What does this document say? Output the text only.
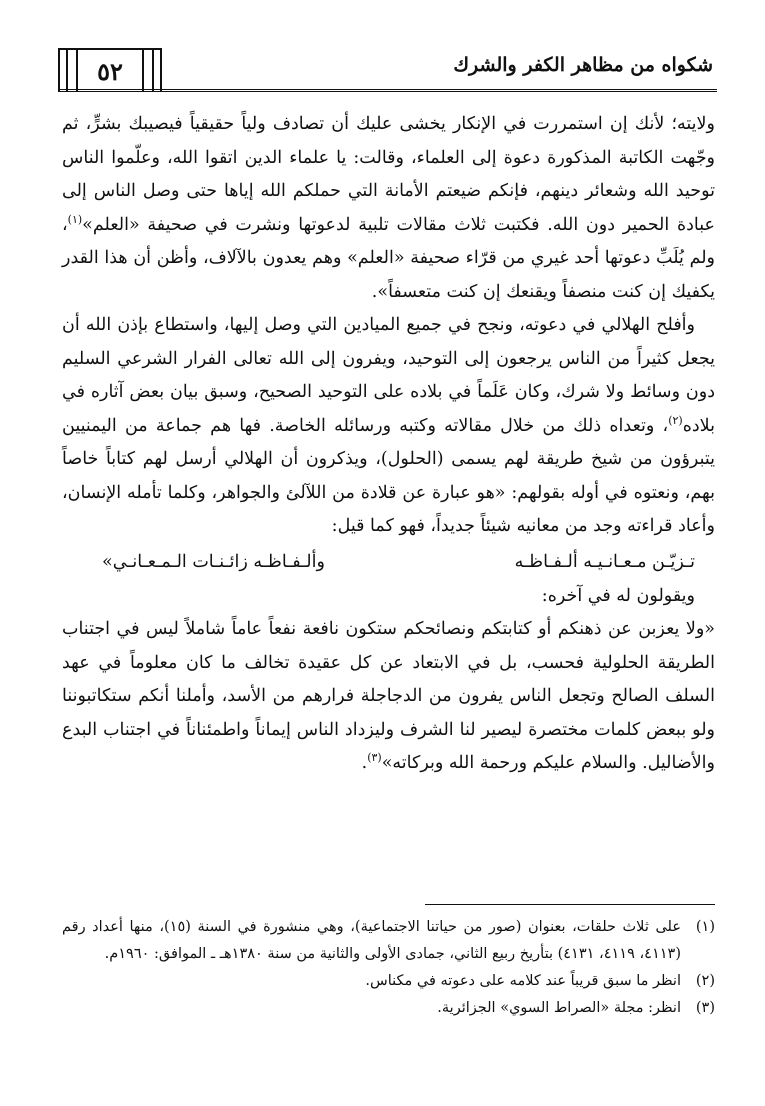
٥٢	شكواه من مظاهر الكفر والشرك

ولايته؛ لأنك إن استمررت في الإنكار يخشى عليك أن تصادف ولياً حقيقياً فيصيبك بشرٍّ، ثم وجّهت الكاتبة المذكورة دعوة إلى العلماء، وقالت: يا علماء الدين اتقوا الله، وعلّموا الناس توحيد الله وشعائر دينهم، فإنكم ضيعتم الأمانة التي حملكم الله إياها حتى وصل الناس إلى عبادة الحمير دون الله. فكتبت ثلاث مقالات تلبية لدعوتها ونشرت في صحيفة «العلم»$^{(١)}$، ولم يُلَبِّ دعوتها أحد غيري من قرّاء صحيفة «العلم» وهم يعدون بالآلاف، وأظن أن هذا القدر يكفيك إن كنت منصفاً ويقنعك إن كنت متعسفاً».

وأفلح الهلالي في دعوته، ونجح في جميع الميادين التي وصل إليها، واستطاع بإذن الله أن يجعل كثيراً من الناس يرجعون إلى التوحيد، ويفرون إلى الله تعالى الفرار الشرعي السليم دون وسائط ولا شرك، وكان عَلَماً في بلاده على التوحيد الصحيح، وسبق بيان بعض آثاره في بلاده$^{(٢)}$، وتعداه ذلك من خلال مقالاته وكتبه ورسائله الخاصة. فها هم جماعة من اليمنيين يتبرؤون من شيخ طريقة لهم يسمى (الحلول)، ويذكرون أن الهلالي أرسل لهم كتاباً خاصاً بهم، ونعتوه في أوله بقولهم: «هو عبارة عن قلادة من اللآلئ والجواهر، وكلما تأمله الإنسان، وأعاد قراءته وجد من معانيه شيئاً جديداً، فهو كما قيل:

تـزيّـن مـعـانـيـه ألـفـاظـه
وألـفـاظـه زائـنـات الـمـعـانـي»

ويقولون له في آخره:

«ولا يعزبن عن ذهنكم أو كتابتكم ونصائحكم ستكون نافعة نفعاً عاماً شاملاً ليس في اجتناب الطريقة الحلولية فحسب، بل في الابتعاد عن كل عقيدة تخالف ما كان معلوماً في عهد السلف الصالح وتجعل الناس يفرون من الدجاجلة فرارهم من الأسد، وأملنا أنكم ستكاتبوننا ولو ببعض كلمات مختصرة ليصير لنا الشرف وليزداد الناس إيماناً واطمئناناً في اجتناب البدع والأضاليل. والسلام عليكم ورحمة الله وبركاته»$^{(٣)}$.

(١)
على ثلاث حلقات، بعنوان (صور من حياتنا الاجتماعية)، وهي منشورة في السنة (١٥)، منها أعداد رقم (٤١١٣، ٤١١٩، ٤١٣١) بتأريخ ربيع الثاني، جمادى الأولى والثانية من سنة ١٣٨٠هـ ـ الموافق: ١٩٦٠م.

(٢)
انظر ما سبق قريباً عند كلامه على دعوته في مكناس.

(٣)
انظر: مجلة «الصراط السوي» الجزائرية.
